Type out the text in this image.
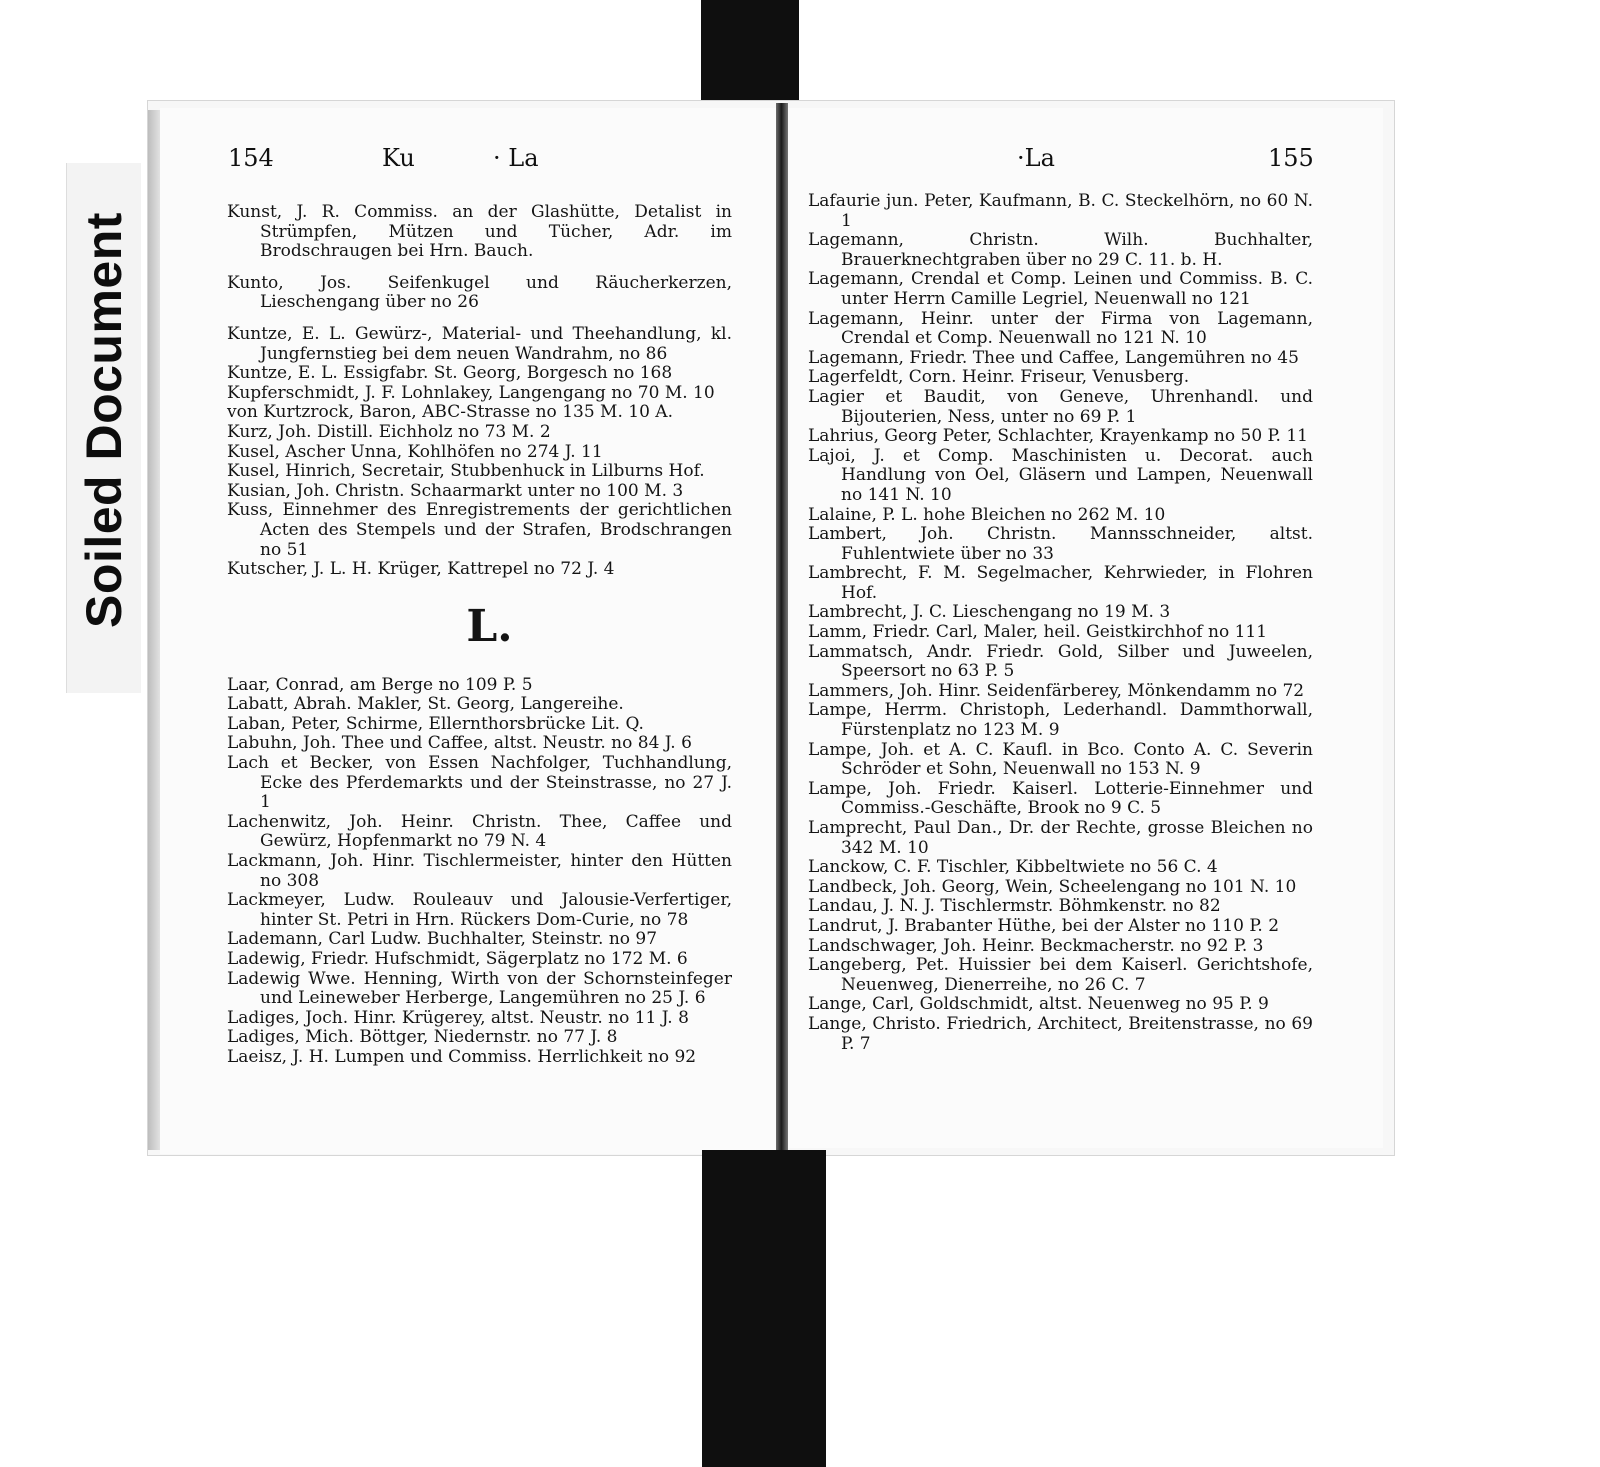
Soiled Document
154	Ku	· La	·La	155
Kunst, J. R. Commiss. an der Glashütte, Detalist in Strümpfen, Mützen und Tücher, Adr. im Brodschraugen bei Hrn. Bauch.
Kunto, Jos. Seifenkugel und Räucherkerzen, Lieschengang über no 26
Kuntze, E. L. Gewürz-, Material- und Theehandlung, kl. Jungfernstieg bei dem neuen Wandrahm, no 86
Kuntze, E. L. Essigfabr. St. Georg, Borgesch no 168
Kupferschmidt, J. F. Lohnlakey, Langengang no 70 M. 10
von Kurtzrock, Baron, ABC-Strasse no 135 M. 10 A.
Kurz, Joh. Distill. Eichholz no 73 M. 2
Kusel, Ascher Unna, Kohlhöfen no 274 J. 11
Kusel, Hinrich, Secretair, Stubbenhuck in Lilburns Hof.
Kusian, Joh. Christn. Schaarmarkt unter no 100 M. 3
Kuss, Einnehmer des Enregistrements der gerichtlichen Acten des Stempels und der Strafen, Brodschrangen no 51
Kutscher, J. L. H. Krüger, Kattrepel no 72 J. 4
L.
Laar, Conrad, am Berge no 109 P. 5
Labatt, Abrah. Makler, St. Georg, Langereihe.
Laban, Peter, Schirme, Ellernthorsbrücke Lit. Q.
Labuhn, Joh. Thee und Caffee, altst. Neustr. no 84 J. 6
Lach et Becker, von Essen Nachfolger, Tuchhandlung, Ecke des Pferdemarkts und der Steinstrasse, no 27 J. 1
Lachenwitz, Joh. Heinr. Christn. Thee, Caffee und Gewürz, Hopfenmarkt no 79 N. 4
Lackmann, Joh. Hinr. Tischlermeister, hinter den Hütten no 308
Lackmeyer, Ludw. Rouleauv und Jalousie-Verfertiger, hinter St. Petri in Hrn. Rückers Dom-Curie, no 78
Lademann, Carl Ludw. Buchhalter, Steinstr. no 97
Ladewig, Friedr. Hufschmidt, Sägerplatz no 172 M. 6
Ladewig Wwe. Henning, Wirth von der Schornsteinfeger und Leineweber Herberge, Langemühren no 25 J. 6
Ladiges, Joch. Hinr. Krügerey, altst. Neustr. no 11 J. 8
Ladiges, Mich. Böttger, Niedernstr. no 77 J. 8
Laeisz, J. H. Lumpen und Commiss. Herrlichkeit no 92
Lafaurie jun. Peter, Kaufmann, B. C. Steckelhörn, no 60 N. 1
Lagemann, Christn. Wilh. Buchhalter, Brauerknechtgraben über no 29 C. 11. b. H.
Lagemann, Crendal et Comp. Leinen und Commiss. B. C. unter Herrn Camille Legriel, Neuenwall no 121
Lagemann, Heinr. unter der Firma von Lagemann, Crendal et Comp. Neuenwall no 121 N. 10
Lagemann, Friedr. Thee und Caffee, Langemühren no 45
Lagerfeldt, Corn. Heinr. Friseur, Venusberg.
Lagier et Baudit, von Geneve, Uhrenhandl. und Bijouterien, Ness, unter no 69 P. 1
Lahrius, Georg Peter, Schlachter, Krayenkamp no 50 P. 11
Lajoi, J. et Comp. Maschinisten u. Decorat. auch Handlung von Oel, Gläsern und Lampen, Neuenwall no 141 N. 10
Lalaine, P. L. hohe Bleichen no 262 M. 10
Lambert, Joh. Christn. Mannsschneider, altst. Fuhlentwiete über no 33
Lambrecht, F. M. Segelmacher, Kehrwieder, in Flohren Hof.
Lambrecht, J. C. Lieschengang no 19 M. 3
Lamm, Friedr. Carl, Maler, heil. Geistkirchhof no 111
Lammatsch, Andr. Friedr. Gold, Silber und Juweelen, Speersort no 63 P. 5
Lammers, Joh. Hinr. Seidenfärberey, Mönkendamm no 72
Lampe, Herrm. Christoph, Lederhandl. Dammthorwall, Fürstenplatz no 123 M. 9
Lampe, Joh. et A. C. Kaufl. in Bco. Conto A. C. Severin Schröder et Sohn, Neuenwall no 153 N. 9
Lampe, Joh. Friedr. Kaiserl. Lotterie-Einnehmer und Commiss.-Geschäfte, Brook no 9 C. 5
Lamprecht, Paul Dan., Dr. der Rechte, grosse Bleichen no 342 M. 10
Lanckow, C. F. Tischler, Kibbeltwiete no 56 C. 4
Landbeck, Joh. Georg, Wein, Scheelengang no 101 N. 10
Landau, J. N. J. Tischlermstr. Böhmkenstr. no 82
Landrut, J. Brabanter Hüthe, bei der Alster no 110 P. 2
Landschwager, Joh. Heinr. Beckmacherstr. no 92 P. 3
Langeberg, Pet. Huissier bei dem Kaiserl. Gerichtshofe, Neuenweg, Dienerreihe, no 26 C. 7
Lange, Carl, Goldschmidt, altst. Neuenweg no 95 P. 9
Lange, Christo. Friedrich, Architect, Breitenstrasse, no 69 P. 7
